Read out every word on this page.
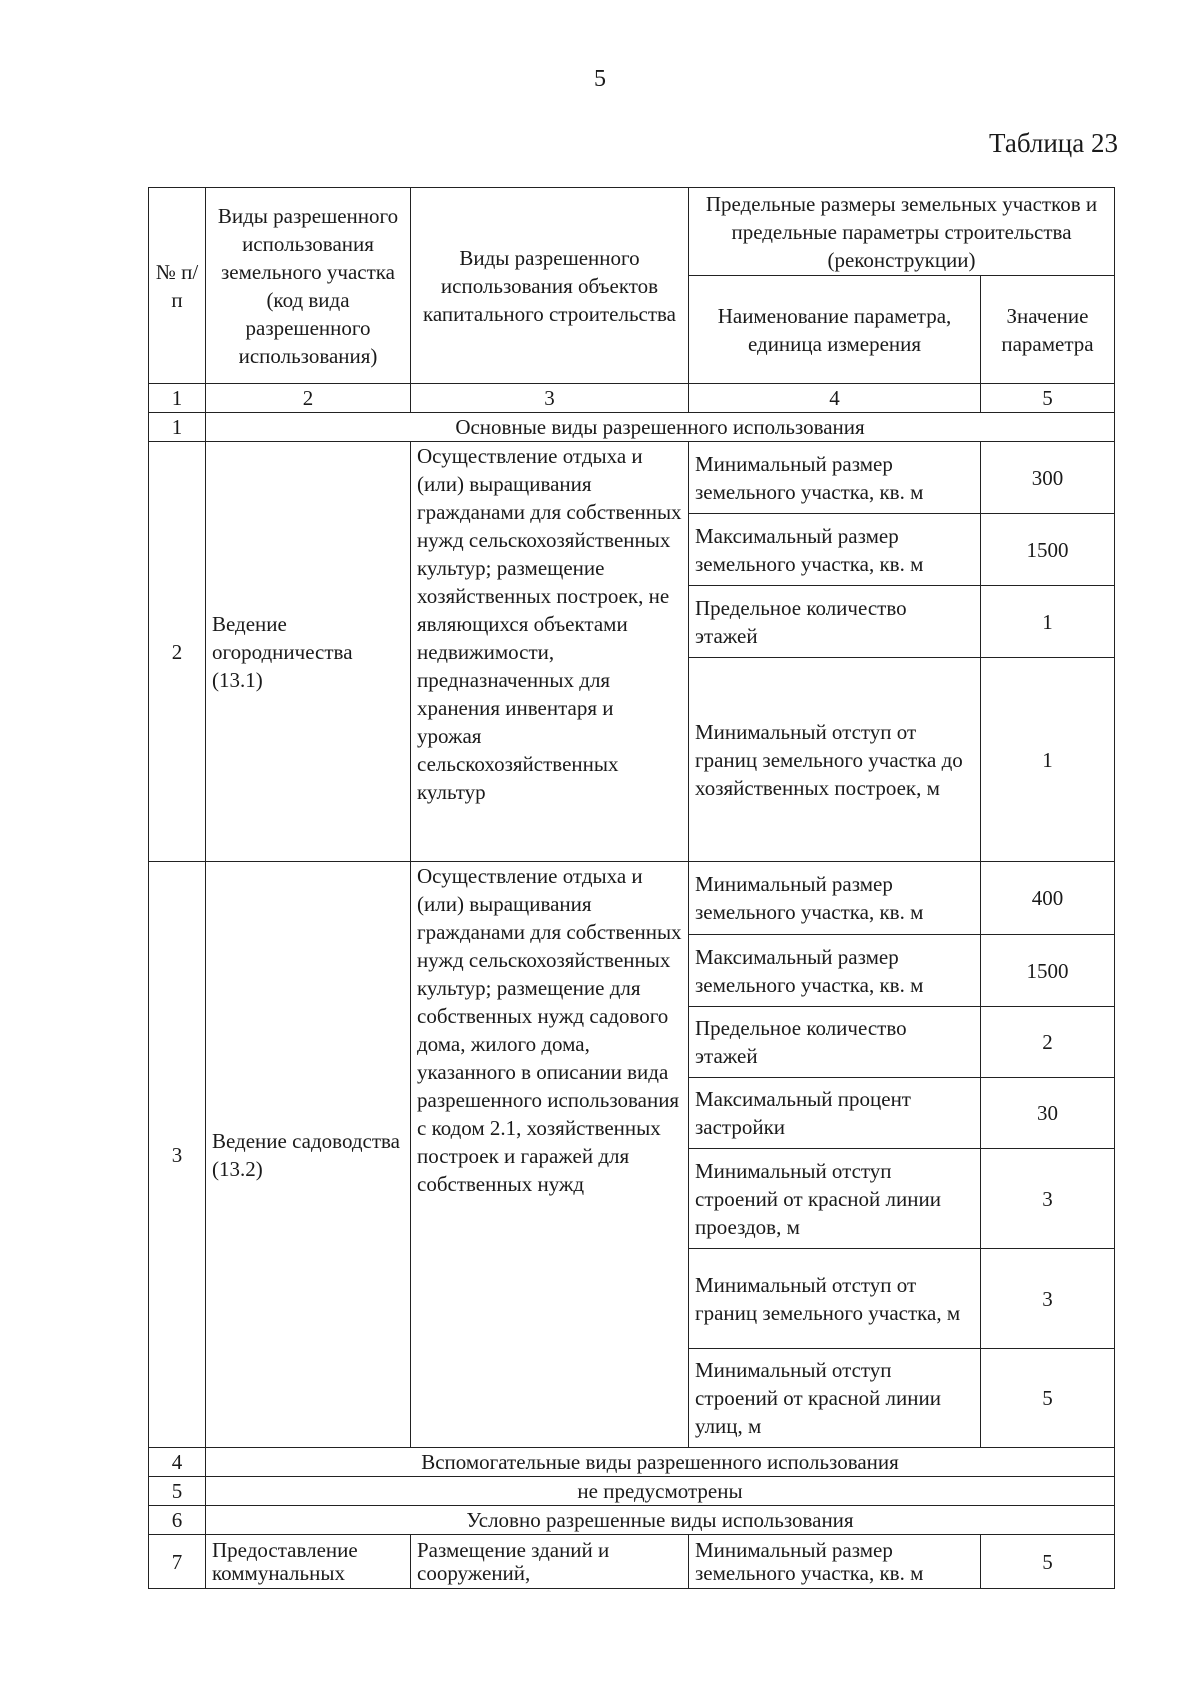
5
Таблица 23
№ п/п	Виды разрешенного использования земельного участка (код вида разрешенного использования)	Виды разрешенного использования объектов капитального строительства	Предельные размеры земельных участков и предельные параметры строительства (реконструкции)	
			Наименование параметра, единица измерения	Значение параметра
1	2	3	4	5
1	Основные виды разрешенного использования			
2	Ведение огородничества (13.1)	Осуществление отдыха и (или) выращивания гражданами для собственных нужд сельскохозяйственных культур; размещение хозяйственных построек, не являющихся объектами недвижимости, предназначенных для хранения инвентаря и урожая сельскохозяйственных культур	Минимальный размер земельного участка, кв. м	300
			Максимальный размер земельного участка, кв. м	1500
			Предельное количество этажей	1
			Минимальный отступ от границ земельного участка до хозяйственных построек, м	1
3	Ведение садоводства (13.2)	Осуществление отдыха и (или) выращивания гражданами для собственных нужд сельскохозяйственных культур; размещение для собственных нужд садового дома, жилого дома, указанного в описании вида разрешенного использования с кодом 2.1, хозяйственных построек и гаражей для собственных нужд	Минимальный размер земельного участка, кв. м	400
			Максимальный размер земельного участка, кв. м	1500
			Предельное количество этажей	2
			Максимальный процент застройки	30
			Минимальный отступ строений от красной линии проездов, м	3
			Минимальный отступ от границ земельного участка, м	3
			Минимальный отступ строений от красной линии улиц, м	5
4	Вспомогательные виды разрешенного использования			
5	не предусмотрены			
6	Условно разрешенные виды использования			
7	Предоставление коммунальных	Размещение зданий и сооружений,	Минимальный размер земельного участка, кв. м	5
